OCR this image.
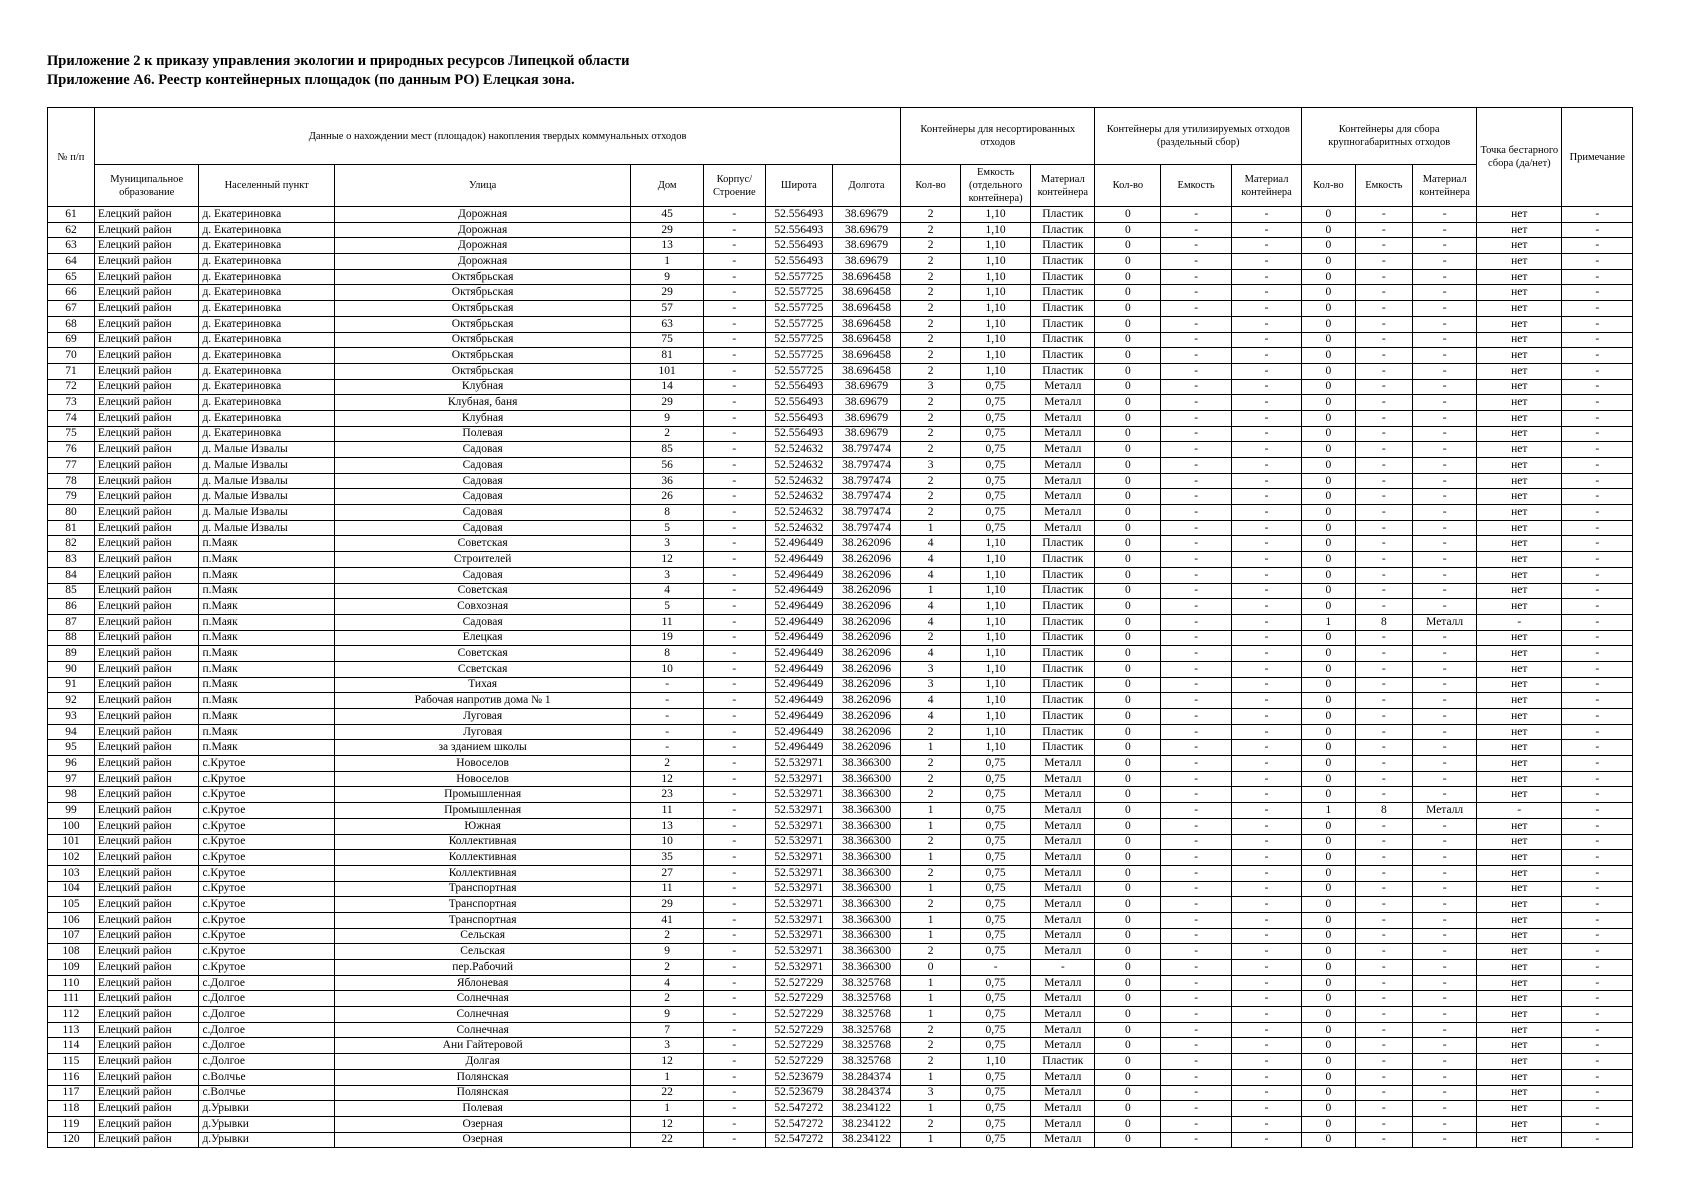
Приложение 2 к приказу управления экологии и природных ресурсов Липецкой области
Приложение А6. Реестр контейнерных площадок (по данным РО) Елецкая зона.
№ п/п	Данные о нахождении мест (площадок) накопления твердых коммунальных отходов							Контейнеры для несортированных отходов			Контейнеры для утилизируемых отходов (раздельный сбор)			Контейнеры для сбора крупногабаритных отходов			Точка бестарного сбора (да/нет)	Примечание
	Муниципальное образование	Населенный пункт	Улица	Дом	Корпус/ Строение	Широта	Долгота	Кол-во	Емкость (отдельного контейнера)	Материал контейнера	Кол-во	Емкость	Материал контейнера	Кол-во	Емкость	Материал контейнера		
61	Елецкий район	д. Екатериновка	Дорожная	45	-	52.556493	38.69679	2	1,10	Пластик	0	-	-	0	-	-	нет	-
62	Елецкий район	д. Екатериновка	Дорожная	29	-	52.556493	38.69679	2	1,10	Пластик	0	-	-	0	-	-	нет	-
63	Елецкий район	д. Екатериновка	Дорожная	13	-	52.556493	38.69679	2	1,10	Пластик	0	-	-	0	-	-	нет	-
64	Елецкий район	д. Екатериновка	Дорожная	1	-	52.556493	38.69679	2	1,10	Пластик	0	-	-	0	-	-	нет	-
65	Елецкий район	д. Екатериновка	Октябрьская	9	-	52.557725	38.696458	2	1,10	Пластик	0	-	-	0	-	-	нет	-
66	Елецкий район	д. Екатериновка	Октябрьская	29	-	52.557725	38.696458	2	1,10	Пластик	0	-	-	0	-	-	нет	-
67	Елецкий район	д. Екатериновка	Октябрьская	57	-	52.557725	38.696458	2	1,10	Пластик	0	-	-	0	-	-	нет	-
68	Елецкий район	д. Екатериновка	Октябрьская	63	-	52.557725	38.696458	2	1,10	Пластик	0	-	-	0	-	-	нет	-
69	Елецкий район	д. Екатериновка	Октябрьская	75	-	52.557725	38.696458	2	1,10	Пластик	0	-	-	0	-	-	нет	-
70	Елецкий район	д. Екатериновка	Октябрьская	81	-	52.557725	38.696458	2	1,10	Пластик	0	-	-	0	-	-	нет	-
71	Елецкий район	д. Екатериновка	Октябрьская	101	-	52.557725	38.696458	2	1,10	Пластик	0	-	-	0	-	-	нет	-
72	Елецкий район	д. Екатериновка	Клубная	14	-	52.556493	38.69679	3	0,75	Металл	0	-	-	0	-	-	нет	-
73	Елецкий район	д. Екатериновка	Клубная, баня	29	-	52.556493	38.69679	2	0,75	Металл	0	-	-	0	-	-	нет	-
74	Елецкий район	д. Екатериновка	Клубная	9	-	52.556493	38.69679	2	0,75	Металл	0	-	-	0	-	-	нет	-
75	Елецкий район	д. Екатериновка	Полевая	2	-	52.556493	38.69679	2	0,75	Металл	0	-	-	0	-	-	нет	-
76	Елецкий район	д. Малые Извалы	Садовая	85	-	52.524632	38.797474	2	0,75	Металл	0	-	-	0	-	-	нет	-
77	Елецкий район	д. Малые Извалы	Садовая	56	-	52.524632	38.797474	3	0,75	Металл	0	-	-	0	-	-	нет	-
78	Елецкий район	д. Малые Извалы	Садовая	36	-	52.524632	38.797474	2	0,75	Металл	0	-	-	0	-	-	нет	-
79	Елецкий район	д. Малые Извалы	Садовая	26	-	52.524632	38.797474	2	0,75	Металл	0	-	-	0	-	-	нет	-
80	Елецкий район	д. Малые Извалы	Садовая	8	-	52.524632	38.797474	2	0,75	Металл	0	-	-	0	-	-	нет	-
81	Елецкий район	д. Малые Извалы	Садовая	5	-	52.524632	38.797474	1	0,75	Металл	0	-	-	0	-	-	нет	-
82	Елецкий район	п.Маяк	Советская	3	-	52.496449	38.262096	4	1,10	Пластик	0	-	-	0	-	-	нет	-
83	Елецкий район	п.Маяк	Строителей	12	-	52.496449	38.262096	4	1,10	Пластик	0	-	-	0	-	-	нет	-
84	Елецкий район	п.Маяк	Садовая	3	-	52.496449	38.262096	4	1,10	Пластик	0	-	-	0	-	-	нет	-
85	Елецкий район	п.Маяк	Советская	4	-	52.496449	38.262096	1	1,10	Пластик	0	-	-	0	-	-	нет	-
86	Елецкий район	п.Маяк	Совхозная	5	-	52.496449	38.262096	4	1,10	Пластик	0	-	-	0	-	-	нет	-
87	Елецкий район	п.Маяк	Садовая	11	-	52.496449	38.262096	4	1,10	Пластик	0	-	-	1	8	Металл	-	-
88	Елецкий район	п.Маяк	Елецкая	19	-	52.496449	38.262096	2	1,10	Пластик	0	-	-	0	-	-	нет	-
89	Елецкий район	п.Маяк	Советская	8	-	52.496449	38.262096	4	1,10	Пластик	0	-	-	0	-	-	нет	-
90	Елецкий район	п.Маяк	Ссветская	10	-	52.496449	38.262096	3	1,10	Пластик	0	-	-	0	-	-	нет	-
91	Елецкий район	п.Маяк	Тихая	-	-	52.496449	38.262096	3	1,10	Пластик	0	-	-	0	-	-	нет	-
92	Елецкий район	п.Маяк	Рабочая напротив дома № 1	-	-	52.496449	38.262096	4	1,10	Пластик	0	-	-	0	-	-	нет	-
93	Елецкий район	п.Маяк	Луговая	-	-	52.496449	38.262096	4	1,10	Пластик	0	-	-	0	-	-	нет	-
94	Елецкий район	п.Маяк	Луговая	-	-	52.496449	38.262096	2	1,10	Пластик	0	-	-	0	-	-	нет	-
95	Елецкий район	п.Маяк	за зданием школы	-	-	52.496449	38.262096	1	1,10	Пластик	0	-	-	0	-	-	нет	-
96	Елецкий район	с.Крутое	Новоселов	2	-	52.532971	38.366300	2	0,75	Металл	0	-	-	0	-	-	нет	-
97	Елецкий район	с.Крутое	Новоселов	12	-	52.532971	38.366300	2	0,75	Металл	0	-	-	0	-	-	нет	-
98	Елецкий район	с.Крутое	Промышленная	23	-	52.532971	38.366300	2	0,75	Металл	0	-	-	0	-	-	нет	-
99	Елецкий район	с.Крутое	Промышленная	11	-	52.532971	38.366300	1	0,75	Металл	0	-	-	1	8	Металл	-	-
100	Елецкий район	с.Крутое	Южная	13	-	52.532971	38.366300	1	0,75	Металл	0	-	-	0	-	-	нет	-
101	Елецкий район	с.Крутое	Коллективная	10	-	52.532971	38.366300	2	0,75	Металл	0	-	-	0	-	-	нет	-
102	Елецкий район	с.Крутое	Коллективная	35	-	52.532971	38.366300	1	0,75	Металл	0	-	-	0	-	-	нет	-
103	Елецкий район	с.Крутое	Коллективная	27	-	52.532971	38.366300	2	0,75	Металл	0	-	-	0	-	-	нет	-
104	Елецкий район	с.Крутое	Транспортная	11	-	52.532971	38.366300	1	0,75	Металл	0	-	-	0	-	-	нет	-
105	Елецкий район	с.Крутое	Транспортная	29	-	52.532971	38.366300	2	0,75	Металл	0	-	-	0	-	-	нет	-
106	Елецкий район	с.Крутое	Транспортная	41	-	52.532971	38.366300	1	0,75	Металл	0	-	-	0	-	-	нет	-
107	Елецкий район	с.Крутое	Сельская	2	-	52.532971	38.366300	1	0,75	Металл	0	-	-	0	-	-	нет	-
108	Елецкий район	с.Крутое	Сельская	9	-	52.532971	38.366300	2	0,75	Металл	0	-	-	0	-	-	нет	-
109	Елецкий район	с.Крутое	пер.Рабочий	2	-	52.532971	38.366300	0	-	-	0	-	-	0	-	-	нет	-
110	Елецкий район	с.Долгое	Яблоневая	4	-	52.527229	38.325768	1	0,75	Металл	0	-	-	0	-	-	нет	-
111	Елецкий район	с.Долгое	Солнечная	2	-	52.527229	38.325768	1	0,75	Металл	0	-	-	0	-	-	нет	-
112	Елецкий район	с.Долгое	Солнечная	9	-	52.527229	38.325768	1	0,75	Металл	0	-	-	0	-	-	нет	-
113	Елецкий район	с.Долгое	Солнечная	7	-	52.527229	38.325768	2	0,75	Металл	0	-	-	0	-	-	нет	-
114	Елецкий район	с.Долгое	Ани Гайтеровой	3	-	52.527229	38.325768	2	0,75	Металл	0	-	-	0	-	-	нет	-
115	Елецкий район	с.Долгое	Долгая	12	-	52.527229	38.325768	2	1,10	Пластик	0	-	-	0	-	-	нет	-
116	Елецкий район	с.Волчье	Полянская	1	-	52.523679	38.284374	1	0,75	Металл	0	-	-	0	-	-	нет	-
117	Елецкий район	с.Волчье	Полянская	22	-	52.523679	38.284374	3	0,75	Металл	0	-	-	0	-	-	нет	-
118	Елецкий район	д.Урывки	Полевая	1	-	52.547272	38.234122	1	0,75	Металл	0	-	-	0	-	-	нет	-
119	Елецкий район	д.Урывки	Озерная	12	-	52.547272	38.234122	2	0,75	Металл	0	-	-	0	-	-	нет	-
120	Елецкий район	д.Урывки	Озерная	22	-	52.547272	38.234122	1	0,75	Металл	0	-	-	0	-	-	нет	-
